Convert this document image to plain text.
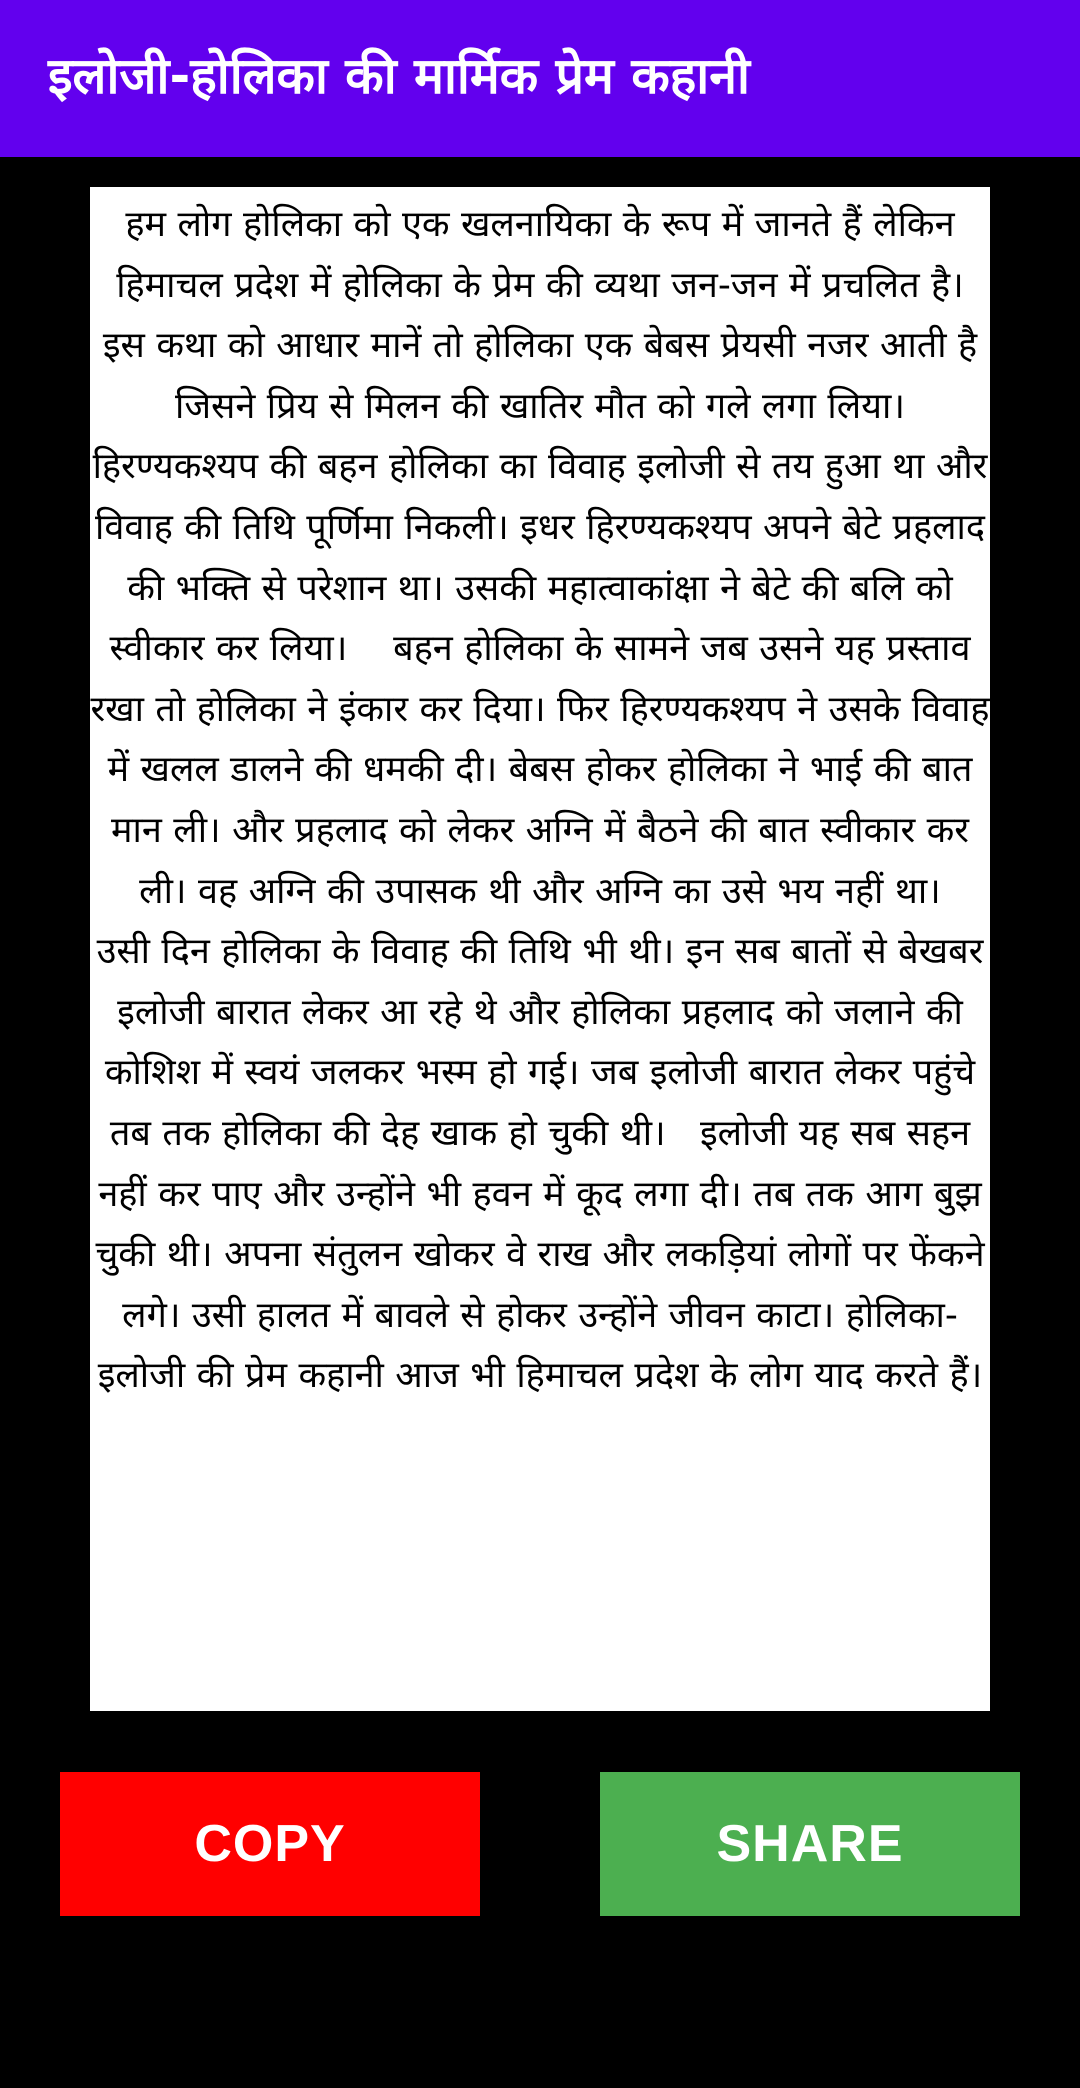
इलोजी-होलिका की मार्मिक प्रेम कहानी

हम लोग होलिका को एक खलनायिका के रूप में जानते हैं लेकिन हिमाचल प्रदेश में होलिका के प्रेम की व्यथा जन-जन में प्रचलित है। इस कथा को आधार मानें तो होलिका एक बेबस प्रेयसी नजर आती है जिसने प्रिय से मिलन की खातिर मौत को गले लगा लिया। हिरण्यकश्यप की बहन होलिका का विवाह इलोजी से तय हुआ था और विवाह की तिथि पूर्णिमा निकली। इधर हिरण्यकश्यप अपने बेटे प्रहलाद की भक्ति से परेशान था। उसकी महात्वाकांक्षा ने बेटे की बलि को स्वीकार कर लिया।    बहन होलिका के सामने जब उसने यह प्रस्ताव रखा तो होलिका ने इंकार कर दिया। फिर हिरण्यकश्यप ने उसके विवाह में खलल डालने की धमकी दी। बेबस होकर होलिका ने भाई की बात मान ली। और प्रहलाद को लेकर अग्नि में बैठने की बात स्वीकार कर ली। वह अग्नि की उपासक थी और अग्नि का उसे भय नहीं था।    उसी दिन होलिका के विवाह की तिथि भी थी। इन सब बातों से बेखबर इलोजी बारात लेकर आ रहे थे और होलिका प्रहलाद को जलाने की कोशिश में स्वयं जलकर भस्म हो गई। जब इलोजी बारात लेकर पहुंचे तब तक होलिका की देह खाक हो चुकी थी।   इलोजी यह सब सहन नहीं कर पाए और उन्होंने भी हवन में कूद लगा दी। तब तक आग बुझ चुकी थी। अपना संतुलन खोकर वे राख और लकड़ियां लोगों पर फेंकने लगे। उसी हालत में बावले से होकर उन्होंने जीवन काटा। होलिका-इलोजी की प्रेम कहानी आज भी हिमाचल प्रदेश के लोग याद करते हैं।

COPY	SHARE
